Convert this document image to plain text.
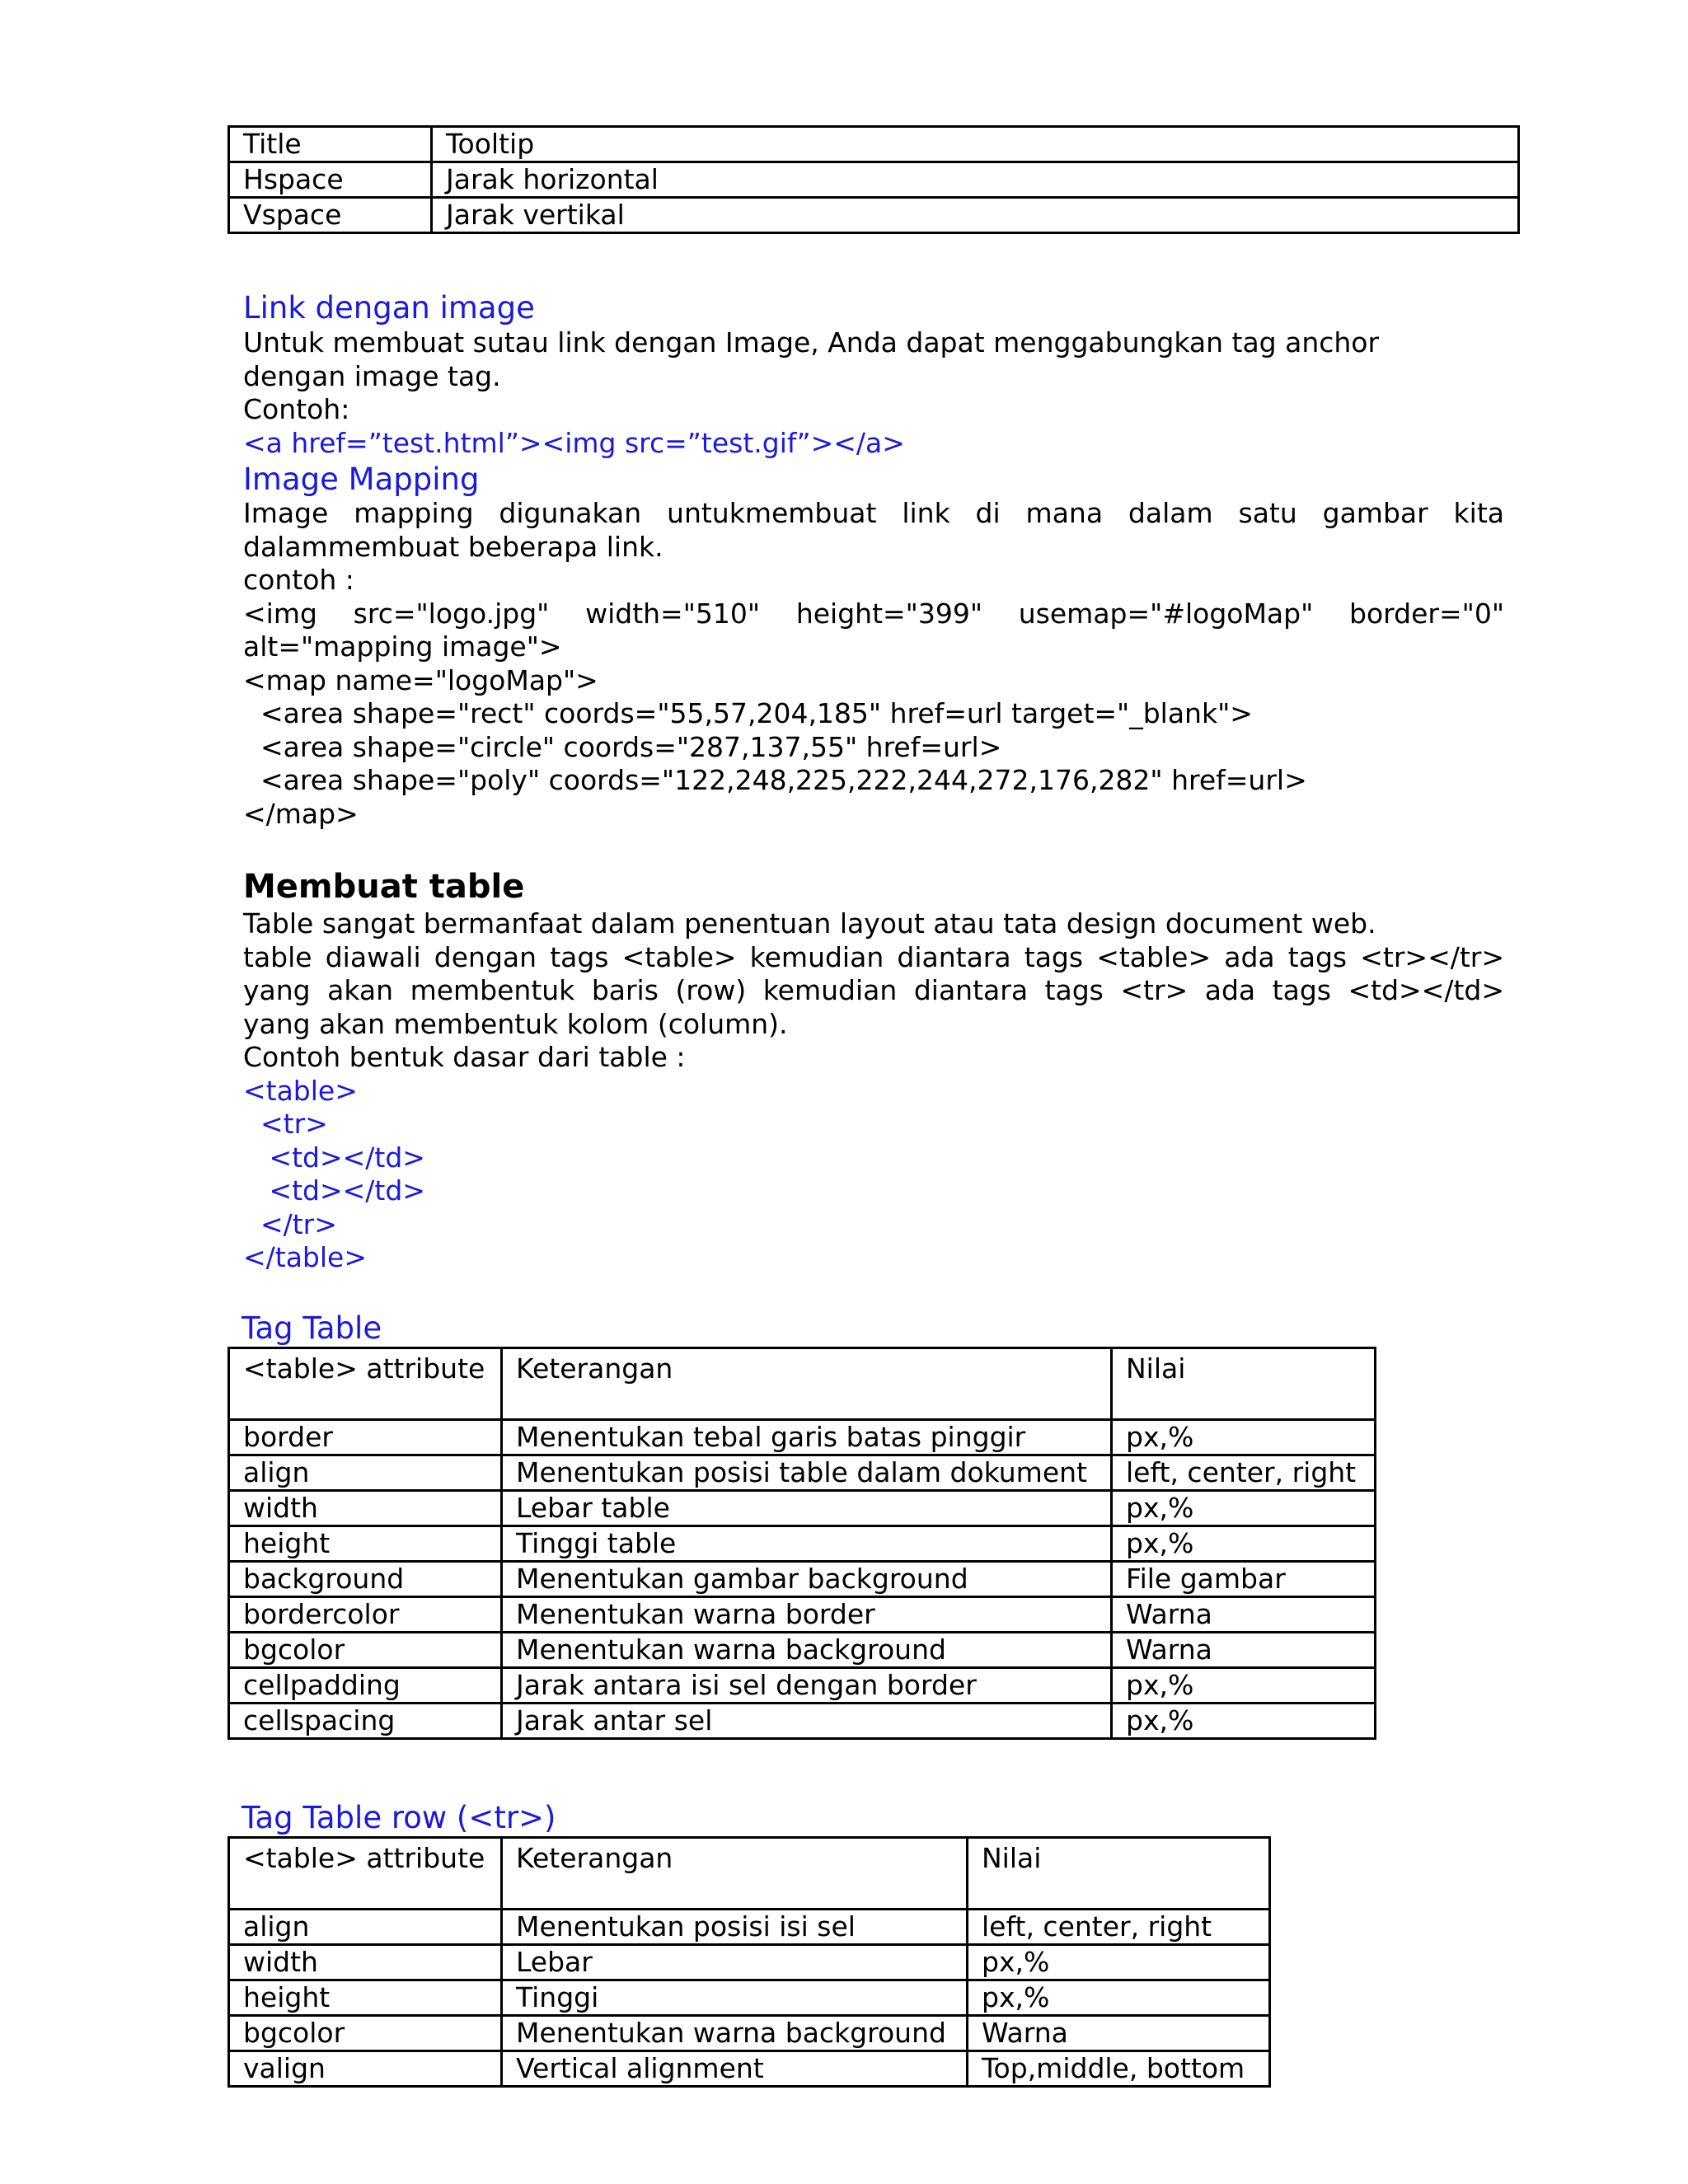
Title	Tooltip
Hspace	Jarak horizontal
Vspace	Jarak vertikal
Link dengan image
Untuk membuat sutau link dengan Image, Anda dapat menggabungkan tag anchor
dengan image tag.
Contoh:
<a href=”test.html”><img src=”test.gif”></a>
Image Mapping
Image mapping digunakan untukmembuat link di mana dalam satu gambar kita
dalammembuat beberapa link.
contoh :
<img src="logo.jpg" width="510" height="399" usemap="#logoMap" border="0"
alt="mapping image">
<map name="logoMap">
<area shape="rect" coords="55,57,204,185" href=url target="_blank">
<area shape="circle" coords="287,137,55" href=url>
<area shape="poly" coords="122,248,225,222,244,272,176,282" href=url>
</map>
Membuat table
Table sangat bermanfaat dalam penentuan layout atau tata design document web.
table diawali dengan tags <table> kemudian diantara tags <table> ada tags <tr></tr>
yang akan membentuk baris (row) kemudian diantara tags <tr> ada tags <td></td>
yang akan membentuk kolom (column).
Contoh bentuk dasar dari table :
<table>
<tr>
<td></td>
<td></td>
</tr>
</table>
Tag Table
<table> attribute	Keterangan	Nilai
border	Menentukan tebal garis batas pinggir	px,%
align	Menentukan posisi table dalam dokument	left, center, right
width	Lebar table	px,%
height	Tinggi table	px,%
background	Menentukan gambar background	File gambar
bordercolor	Menentukan warna border	Warna
bgcolor	Menentukan warna background	Warna
cellpadding	Jarak antara isi sel dengan border	px,%
cellspacing	Jarak antar sel	px,%
Tag Table row (<tr>)
<table> attribute	Keterangan	Nilai
align	Menentukan posisi isi sel	left, center, right
width	Lebar	px,%
height	Tinggi	px,%
bgcolor	Menentukan warna background	Warna
valign	Vertical alignment	Top,middle, bottom
